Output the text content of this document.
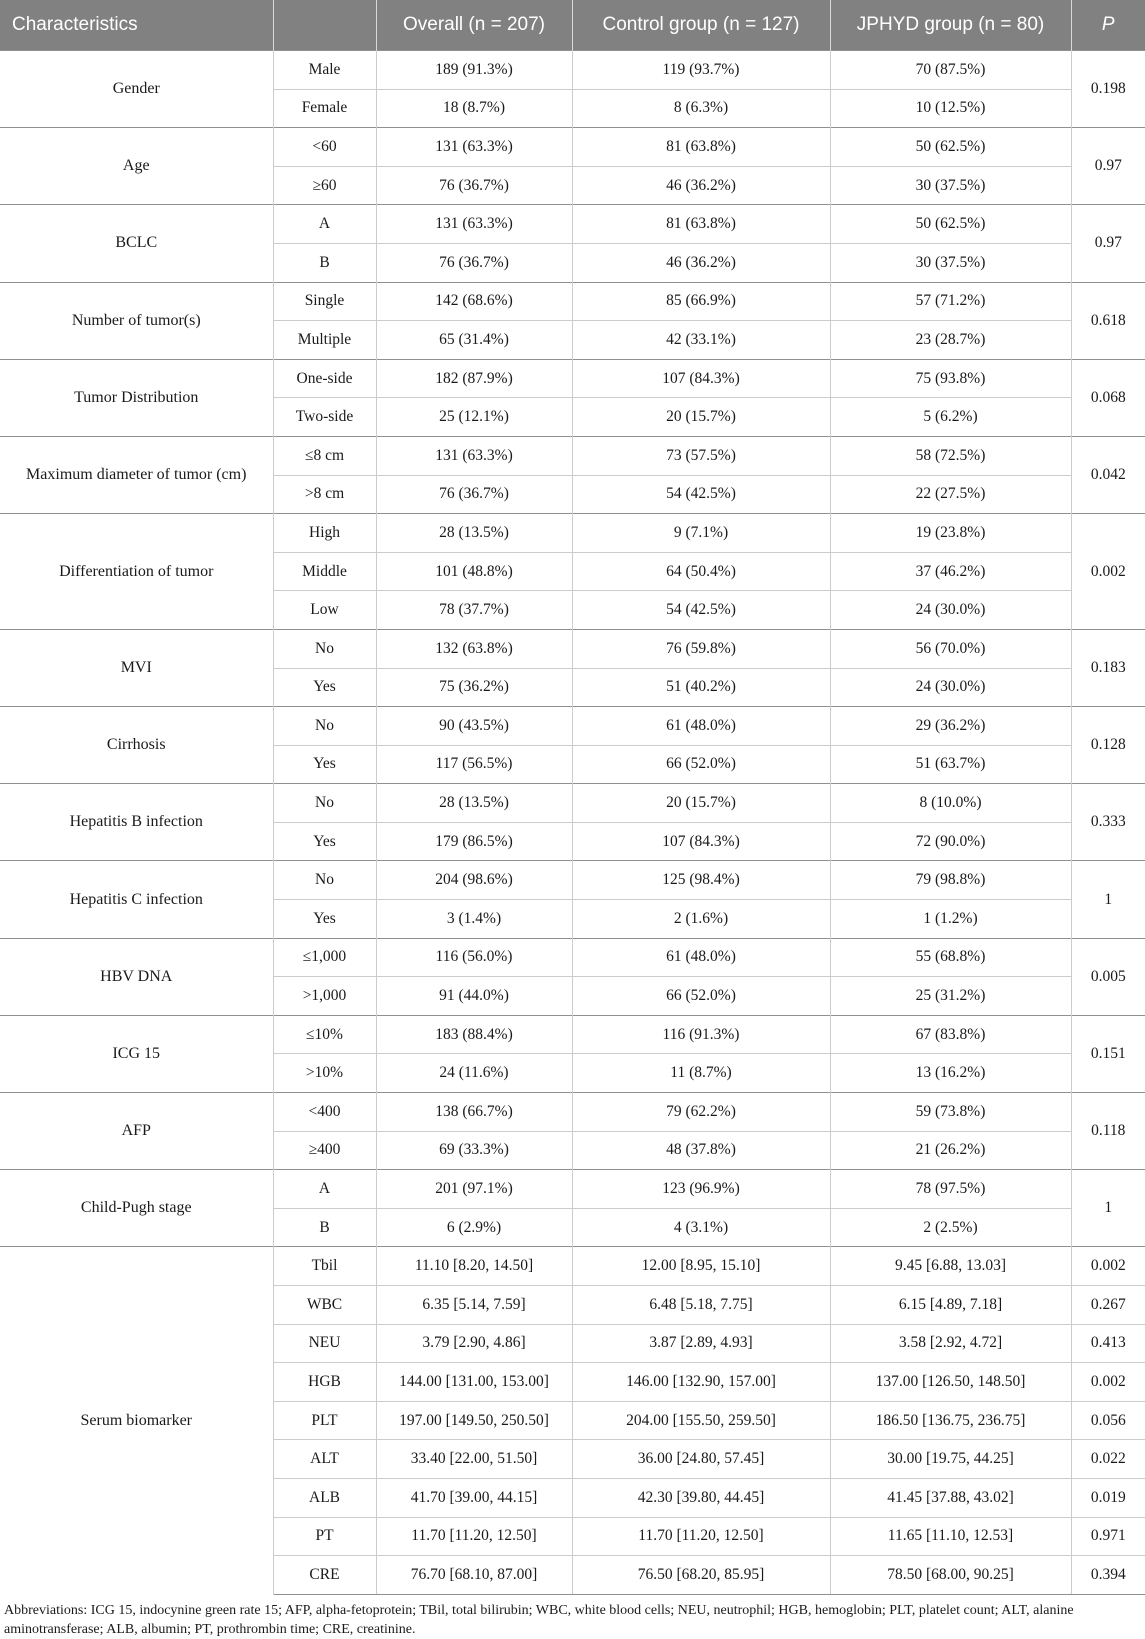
Characteristics		Overall (n = 207)	Control group (n = 127)	JPHYD group (n = 80)	P
Gender	Male	189 (91.3%)	119 (93.7%)	70 (87.5%)	0.198
	Female	18 (8.7%)	8 (6.3%)	10 (12.5%)	
Age	<60	131 (63.3%)	81 (63.8%)	50 (62.5%)	0.97
	≥60	76 (36.7%)	46 (36.2%)	30 (37.5%)	
BCLC	A	131 (63.3%)	81 (63.8%)	50 (62.5%)	0.97
	B	76 (36.7%)	46 (36.2%)	30 (37.5%)	
Number of tumor(s)	Single	142 (68.6%)	85 (66.9%)	57 (71.2%)	0.618
	Multiple	65 (31.4%)	42 (33.1%)	23 (28.7%)	
Tumor Distribution	One-side	182 (87.9%)	107 (84.3%)	75 (93.8%)	0.068
	Two-side	25 (12.1%)	20 (15.7%)	5 (6.2%)	
Maximum diameter of tumor (cm)	≤8 cm	131 (63.3%)	73 (57.5%)	58 (72.5%)	0.042
	>8 cm	76 (36.7%)	54 (42.5%)	22 (27.5%)	
Differentiation of tumor	High	28 (13.5%)	9 (7.1%)	19 (23.8%)	0.002
	Middle	101 (48.8%)	64 (50.4%)	37 (46.2%)	
	Low	78 (37.7%)	54 (42.5%)	24 (30.0%)	
MVI	No	132 (63.8%)	76 (59.8%)	56 (70.0%)	0.183
	Yes	75 (36.2%)	51 (40.2%)	24 (30.0%)	
Cirrhosis	No	90 (43.5%)	61 (48.0%)	29 (36.2%)	0.128
	Yes	117 (56.5%)	66 (52.0%)	51 (63.7%)	
Hepatitis B infection	No	28 (13.5%)	20 (15.7%)	8 (10.0%)	0.333
	Yes	179 (86.5%)	107 (84.3%)	72 (90.0%)	
Hepatitis C infection	No	204 (98.6%)	125 (98.4%)	79 (98.8%)	1
	Yes	3 (1.4%)	2 (1.6%)	1 (1.2%)	
HBV DNA	≤1,000	116 (56.0%)	61 (48.0%)	55 (68.8%)	0.005
	>1,000	91 (44.0%)	66 (52.0%)	25 (31.2%)	
ICG 15	≤10%	183 (88.4%)	116 (91.3%)	67 (83.8%)	0.151
	>10%	24 (11.6%)	11 (8.7%)	13 (16.2%)	
AFP	<400	138 (66.7%)	79 (62.2%)	59 (73.8%)	0.118
	≥400	69 (33.3%)	48 (37.8%)	21 (26.2%)	
Child-Pugh stage	A	201 (97.1%)	123 (96.9%)	78 (97.5%)	1
	B	6 (2.9%)	4 (3.1%)	2 (2.5%)	
Serum biomarker	Tbil	11.10 [8.20, 14.50]	12.00 [8.95, 15.10]	9.45 [6.88, 13.03]	0.002
	WBC	6.35 [5.14, 7.59]	6.48 [5.18, 7.75]	6.15 [4.89, 7.18]	0.267
	NEU	3.79 [2.90, 4.86]	3.87 [2.89, 4.93]	3.58 [2.92, 4.72]	0.413
	HGB	144.00 [131.00, 153.00]	146.00 [132.90, 157.00]	137.00 [126.50, 148.50]	0.002
	PLT	197.00 [149.50, 250.50]	204.00 [155.50, 259.50]	186.50 [136.75, 236.75]	0.056
	ALT	33.40 [22.00, 51.50]	36.00 [24.80, 57.45]	30.00 [19.75, 44.25]	0.022
	ALB	41.70 [39.00, 44.15]	42.30 [39.80, 44.45]	41.45 [37.88, 43.02]	0.019
	PT	11.70 [11.20, 12.50]	11.70 [11.20, 12.50]	11.65 [11.10, 12.53]	0.971
	CRE	76.70 [68.10, 87.00]	76.50 [68.20, 85.95]	78.50 [68.00, 90.25]	0.394
Abbreviations: ICG 15, indocynine green rate 15; AFP, alpha-fetoprotein; TBil, total bilirubin; WBC, white blood cells; NEU, neutrophil; HGB, hemoglobin; PLT, platelet count; ALT, alanine aminotransferase; ALB, albumin; PT, prothrombin time; CRE, creatinine.
